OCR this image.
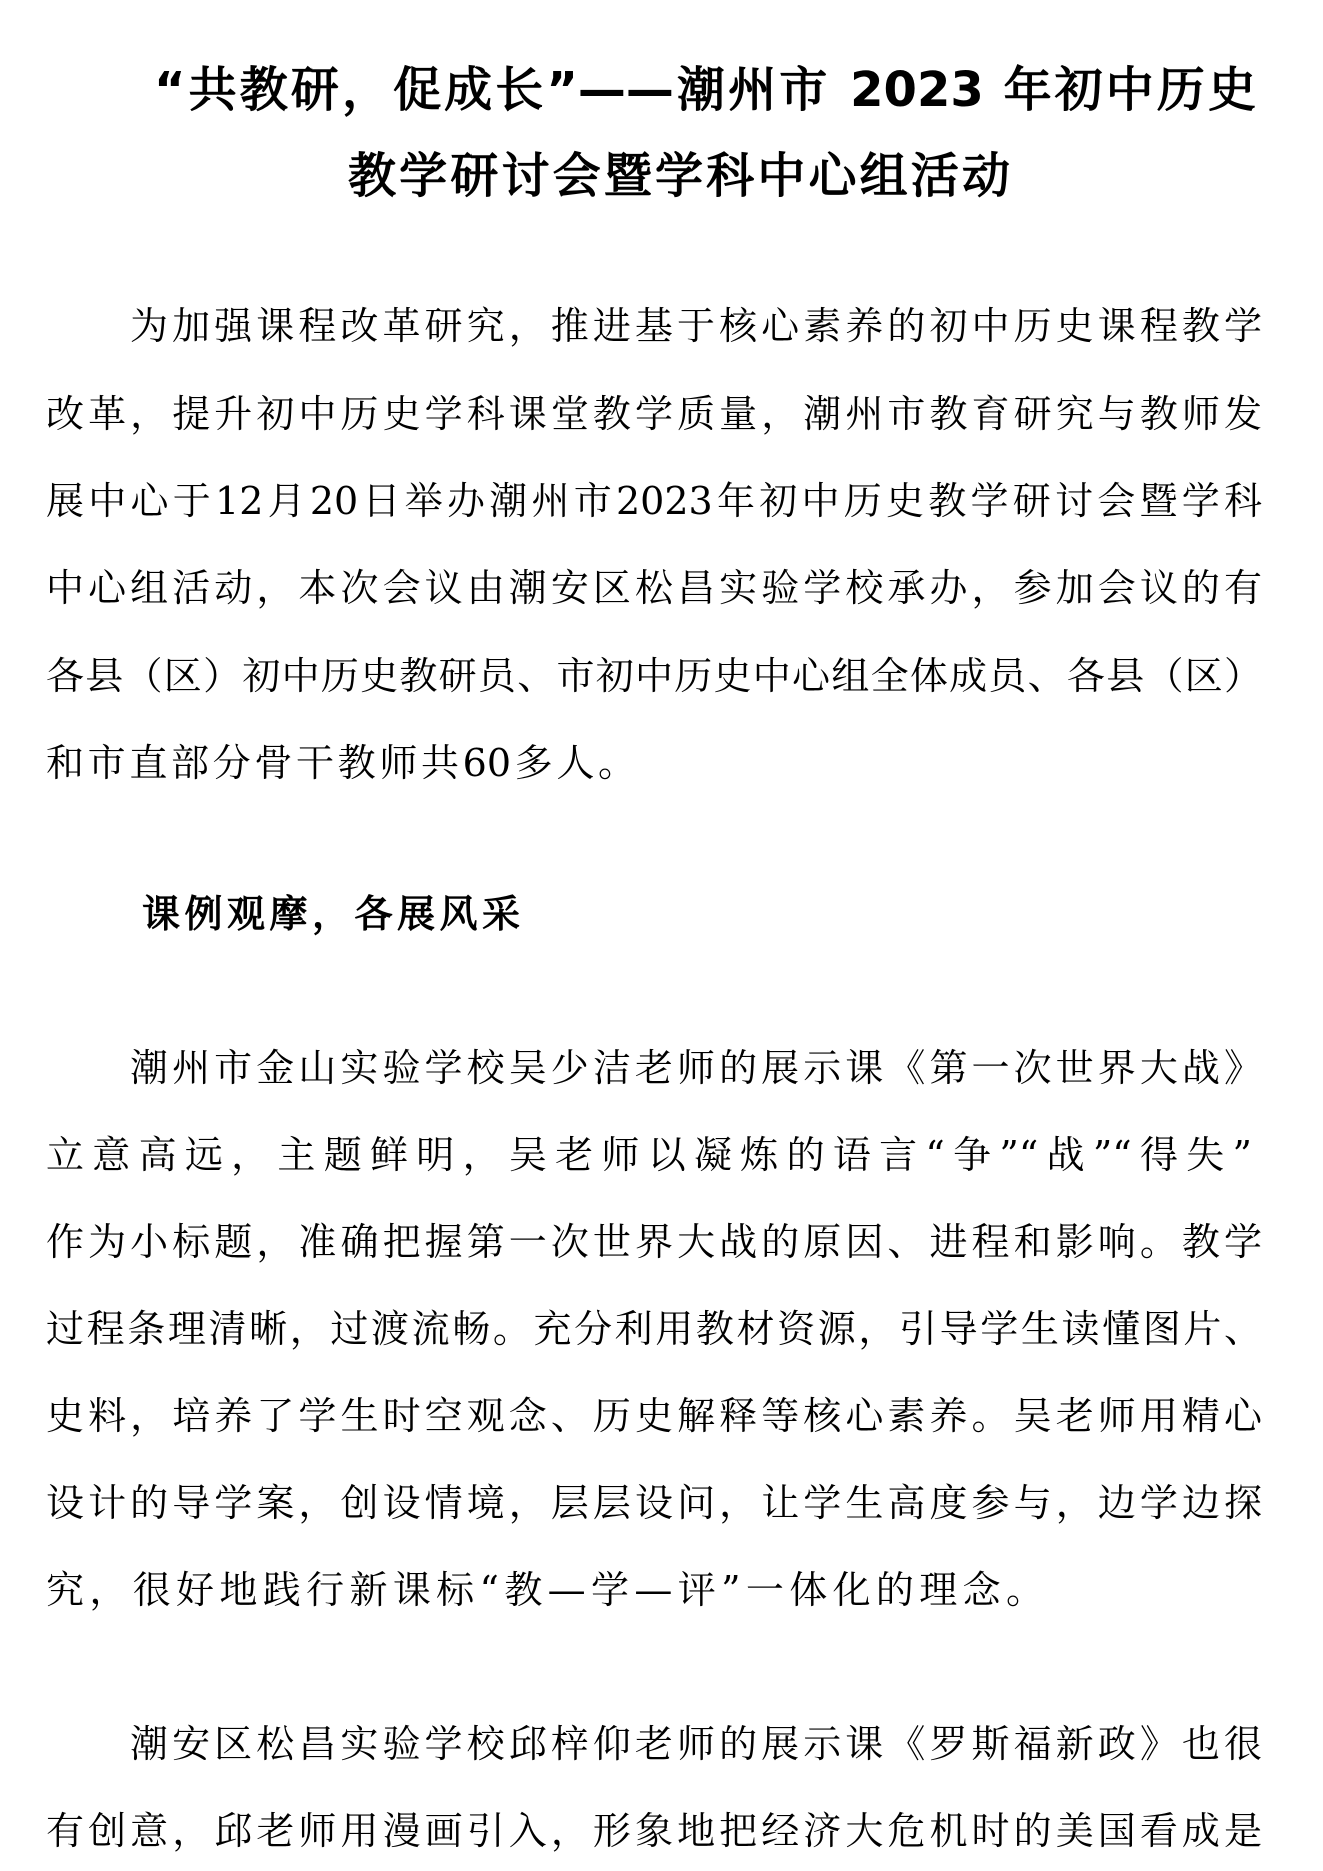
“共教研，促成长”——潮州市 2023 年初中历史
教学研讨会暨学科中心组活动
为加强课程改革研究，推进基于核心素养的初中历史课程教学
改革，提升初中历史学科课堂教学质量，潮州市教育研究与教师发
展中心于12月20日举办潮州市2023年初中历史教学研讨会暨学科
中心组活动，本次会议由潮安区松昌实验学校承办，参加会议的有
各县（区）初中历史教研员、市初中历史中心组全体成员、各县（区）
和市直部分骨干教师共60多人。
课例观摩，各展风采
潮州市金山实验学校吴少洁老师的展示课《第一次世界大战》
立意高远，主题鲜明，吴老师以凝炼的语言“争”“战”“得失”
作为小标题，准确把握第一次世界大战的原因、进程和影响。教学
过程条理清晰，过渡流畅。充分利用教材资源，引导学生读懂图片、
史料，培养了学生时空观念、历史解释等核心素养。吴老师用精心
设计的导学案，创设情境，层层设问，让学生高度参与，边学边探
究，很好地践行新课标“教—学—评”一体化的理念。
潮安区松昌实验学校邱梓仰老师的展示课《罗斯福新政》也很
有创意，邱老师用漫画引入，形象地把经济大危机时的美国看成是
